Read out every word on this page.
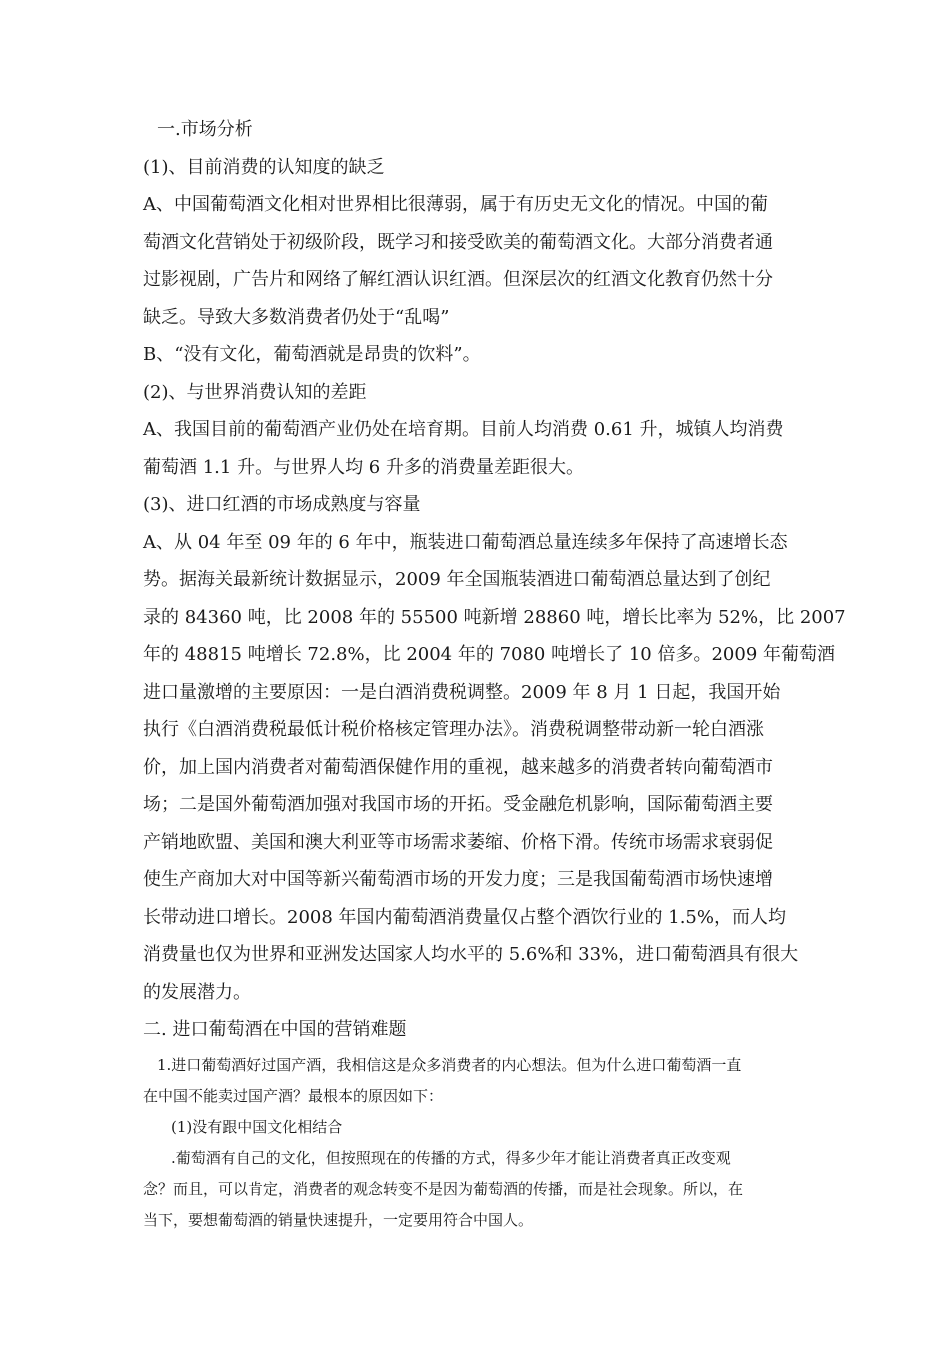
一.市场分析

(1)、目前消费的认知度的缺乏

A、中国葡萄酒文化相对世界相比很薄弱，属于有历史无文化的情况。中国的葡

萄酒文化营销处于初级阶段，既学习和接受欧美的葡萄酒文化。大部分消费者通

过影视剧，广告片和网络了解红酒认识红酒。但深层次的红酒文化教育仍然十分

缺乏。导致大多数消费者仍处于“乱喝”

B、“没有文化，葡萄酒就是昂贵的饮料”。

(2)、与世界消费认知的差距

A、我国目前的葡萄酒产业仍处在培育期。目前人均消费 0.61 升，城镇人均消费

葡萄酒 1.1 升。与世界人均 6 升多的消费量差距很大。

(3)、进口红酒的市场成熟度与容量

A、从 04 年至 09 年的 6 年中，瓶装进口葡萄酒总量连续多年保持了高速增长态

势。据海关最新统计数据显示，2009 年全国瓶装酒进口葡萄酒总量达到了创纪

录的 84360 吨，比 2008 年的 55500 吨新增 28860 吨，增长比率为 52%，比 2007

年的 48815 吨增长 72.8%，比 2004 年的 7080 吨增长了 10 倍多。2009 年葡萄酒

进口量激增的主要原因：一是白酒消费税调整。2009 年 8 月 1 日起，我国开始

执行《白酒消费税最低计税价格核定管理办法》。消费税调整带动新一轮白酒涨

价，加上国内消费者对葡萄酒保健作用的重视，越来越多的消费者转向葡萄酒市

场；二是国外葡萄酒加强对我国市场的开拓。受金融危机影响，国际葡萄酒主要

产销地欧盟、美国和澳大利亚等市场需求萎缩、价格下滑。传统市场需求衰弱促

使生产商加大对中国等新兴葡萄酒市场的开发力度；三是我国葡萄酒市场快速增

长带动进口增长。2008 年国内葡萄酒消费量仅占整个酒饮行业的 1.5%，而人均

消费量也仅为世界和亚洲发达国家人均水平的 5.6%和 33%，进口葡萄酒具有很大

的发展潜力。

二. 进口葡萄酒在中国的营销难题

1.进口葡萄酒好过国产酒，我相信这是众多消费者的内心想法。但为什么进口葡萄酒一直

在中国不能卖过国产酒？最根本的原因如下：

(1)没有跟中国文化相结合

.葡萄酒有自己的文化，但按照现在的传播的方式，得多少年才能让消费者真正改变观

念？而且，可以肯定，消费者的观念转变不是因为葡萄酒的传播，而是社会现象。所以，在

当下，要想葡萄酒的销量快速提升，一定要用符合中国人。
